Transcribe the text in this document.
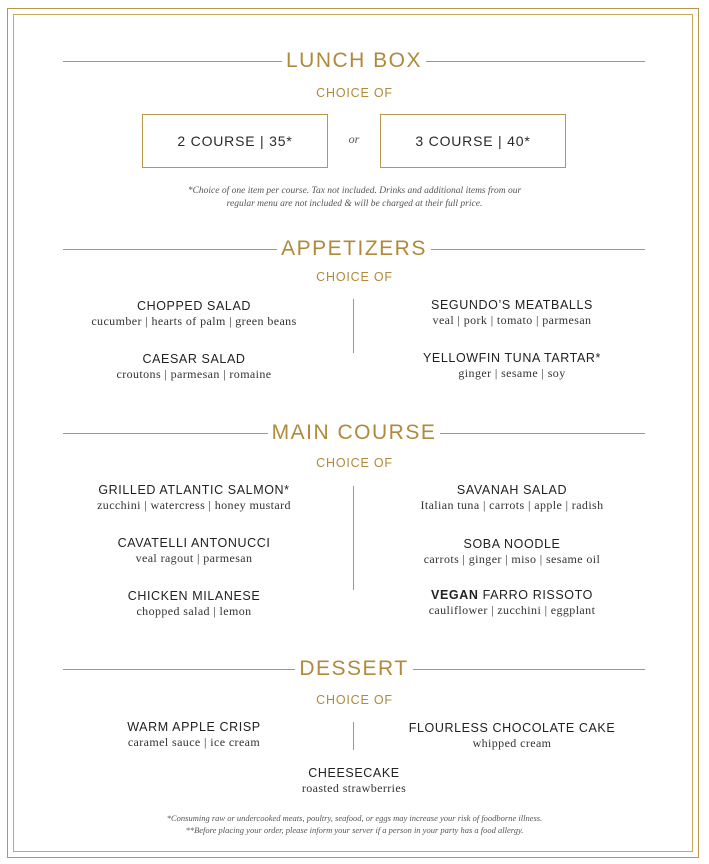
LUNCH BOX
CHOICE OF
2 COURSE | 35*	or	3 COURSE | 40*
*Choice of one item per course. Tax not included. Drinks and additional items from our
regular menu are not included & will be charged at their full price.
APPETIZERS
CHOICE OF
CHOPPED SALAD
cucumber | hearts of palm | green beans
SEGUNDO’S MEATBALLS
veal | pork | tomato | parmesan
CAESAR SALAD
croutons | parmesan | romaine
YELLOWFIN TUNA TARTAR*
ginger | sesame | soy
MAIN COURSE
CHOICE OF
GRILLED ATLANTIC SALMON*
zucchini | watercress | honey mustard
SAVANAH SALAD
Italian tuna | carrots | apple | radish
CAVATELLI ANTONUCCI
veal ragout | parmesan
SOBA NOODLE
carrots | ginger | miso | sesame oil
CHICKEN MILANESE
chopped salad | lemon
VEGAN FARRO RISSOTO
cauliflower | zucchini | eggplant
DESSERT
CHOICE OF
WARM APPLE CRISP
caramel sauce | ice cream
FLOURLESS CHOCOLATE CAKE
whipped cream
CHEESECAKE
roasted strawberries
*Consuming raw or undercooked meats, poultry, seafood, or eggs may increase your risk of foodborne illness.
**Before placing your order, please inform your server if a person in your party has a food allergy.
